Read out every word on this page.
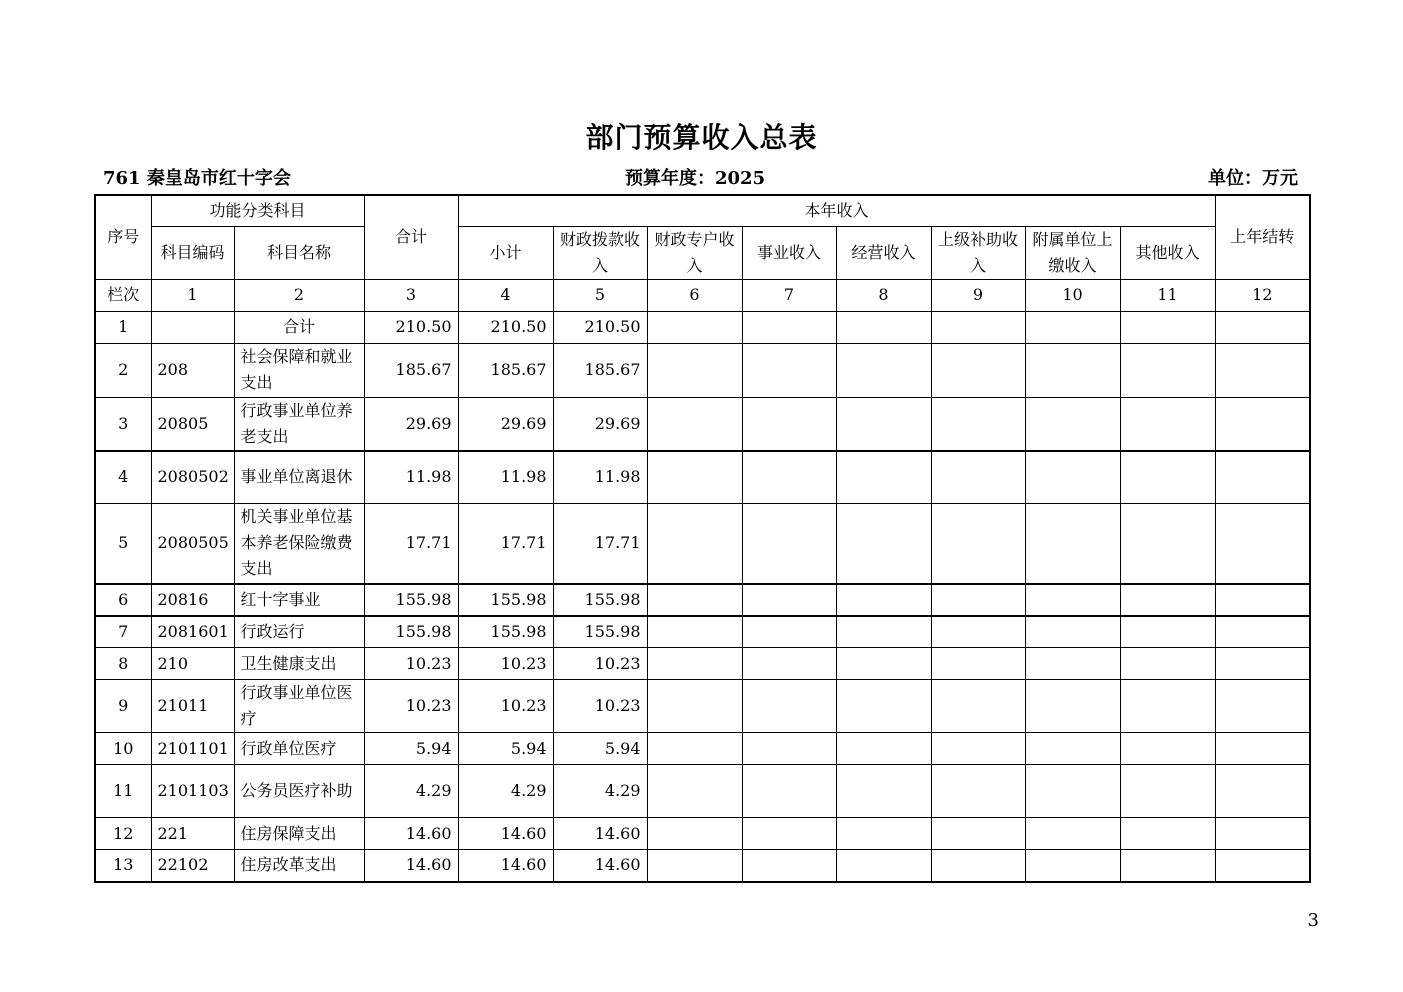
部门预算收入总表
761 秦皇岛市红十字会	预算年度：2025	单位：万元
序号	功能分类科目		合计	本年收入								上年结转
	科目编码	科目名称		小计	财政拨款收入	财政专户收入	事业收入	经营收入	上级补助收入	附属单位上缴收入	其他收入	
栏次	1	2	3	4	5	6	7	8	9	10	11	12
1		合计	210.50	210.50	210.50							
2	208	社会保障和就业支出	185.67	185.67	185.67							
3	20805	行政事业单位养老支出	29.69	29.69	29.69							
4	2080502	事业单位离退休	11.98	11.98	11.98							
5	2080505	机关事业单位基本养老保险缴费支出	17.71	17.71	17.71							
6	20816	红十字事业	155.98	155.98	155.98							
7	2081601	行政运行	155.98	155.98	155.98							
8	210	卫生健康支出	10.23	10.23	10.23							
9	21011	行政事业单位医疗	10.23	10.23	10.23							
10	2101101	行政单位医疗	5.94	5.94	5.94							
11	2101103	公务员医疗补助	4.29	4.29	4.29							
12	221	住房保障支出	14.60	14.60	14.60							
13	22102	住房改革支出	14.60	14.60	14.60							
3
